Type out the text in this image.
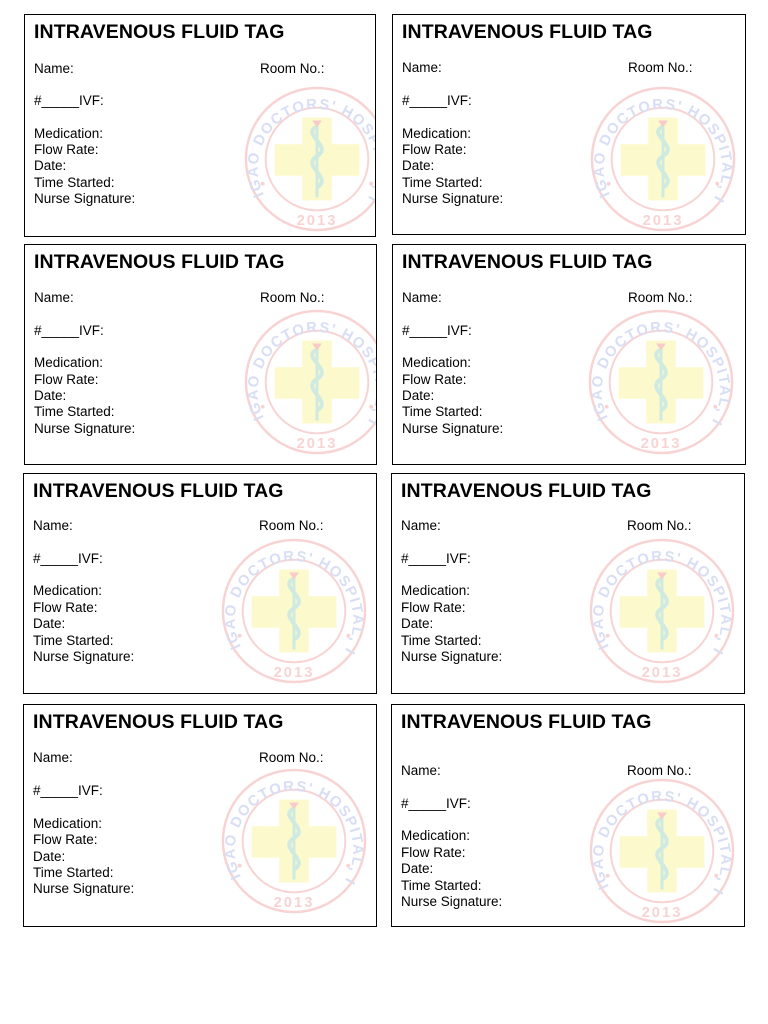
INTRAVENOUS FLUID TAG
Name:	Room No.:
#_____IVF:
Medication:
Flow Rate:
Date:
Time Started:
Nurse Signature:
INTRAVENOUS FLUID TAG
Name:	Room No.:
#_____IVF:
Medication:
Flow Rate:
Date:
Time Started:
Nurse Signature:
INTRAVENOUS FLUID TAG
Name:	Room No.:
#_____IVF:
Medication:
Flow Rate:
Date:
Time Started:
Nurse Signature:
INTRAVENOUS FLUID TAG
Name:	Room No.:
#_____IVF:
Medication:
Flow Rate:
Date:
Time Started:
Nurse Signature:
INTRAVENOUS FLUID TAG
Name:	Room No.:
#_____IVF:
Medication:
Flow Rate:
Date:
Time Started:
Nurse Signature:
INTRAVENOUS FLUID TAG
Name:	Room No.:
#_____IVF:
Medication:
Flow Rate:
Date:
Time Started:
Nurse Signature:
INTRAVENOUS FLUID TAG
Name:	Room No.:
#_____IVF:
Medication:
Flow Rate:
Date:
Time Started:
Nurse Signature:
INTRAVENOUS FLUID TAG
Name:	Room No.:
#_____IVF:
Medication:
Flow Rate:
Date:
Time Started:
Nurse Signature:
